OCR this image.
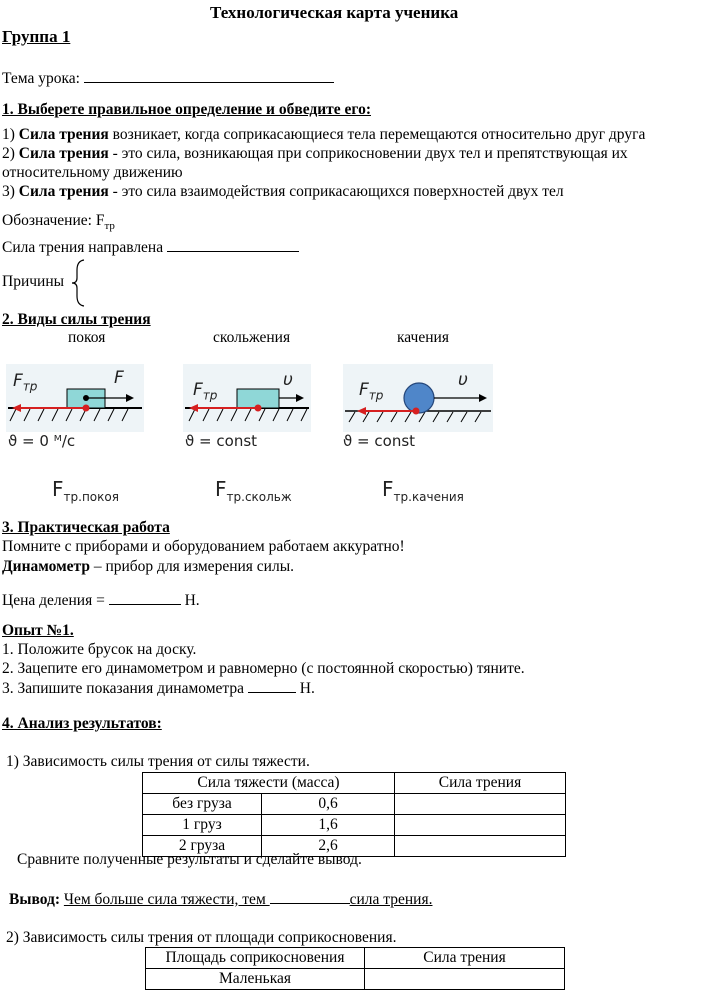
Технологическая карта ученика
Группа 1
Тема урока:
1. Выберете правильное определение и обведите его:
1) Сила трения возникает, когда соприкасающиеся тела перемещаются относительно друг друга
2) Сила трения - это сила, возникающая при соприкосновении двух тел и препятствующая их
относительному движению
3) Сила трения - это сила взаимодействия соприкасающихся поверхностей двух тел
Обозначение: $F_{тр}$
Сила трения направлена
Причины
2. Виды силы трения
покоя	скольжения	качения
$F_{тр}$	F
ϑ = 0 ᴹ/c
$F_{тр.покоя}$
$F_{тр}$
υ
ϑ = const
$F_{тр.скольж}$
$F_{тр}$
υ
ϑ = const
$F_{тр.качения}$
3. Практическая работа
Помните с приборами и оборудованием работаем аккуратно!
Динамометр – прибор для измерения силы.
Цена деления =	Н.
Опыт №1.
1. Положите брусок на доску.
2. Зацепите его динамометром и равномерно (с постоянной скоростью) тяните.
3. Запишите показания динамометра	Н.
4. Анализ результатов:
1) Зависимость силы трения от силы тяжести.
Сила тяжести (масса)		Сила трения
без груза	0,6	
1 груз	1,6	
2 груза	2,6	
Сравните полученные результаты и сделайте вывод.
Вывод: Чем больше сила тяжести, тем	сила трения.
2) Зависимость силы трения от площади соприкосновения.
Площадь соприкосновения	Сила трения
Маленькая	
